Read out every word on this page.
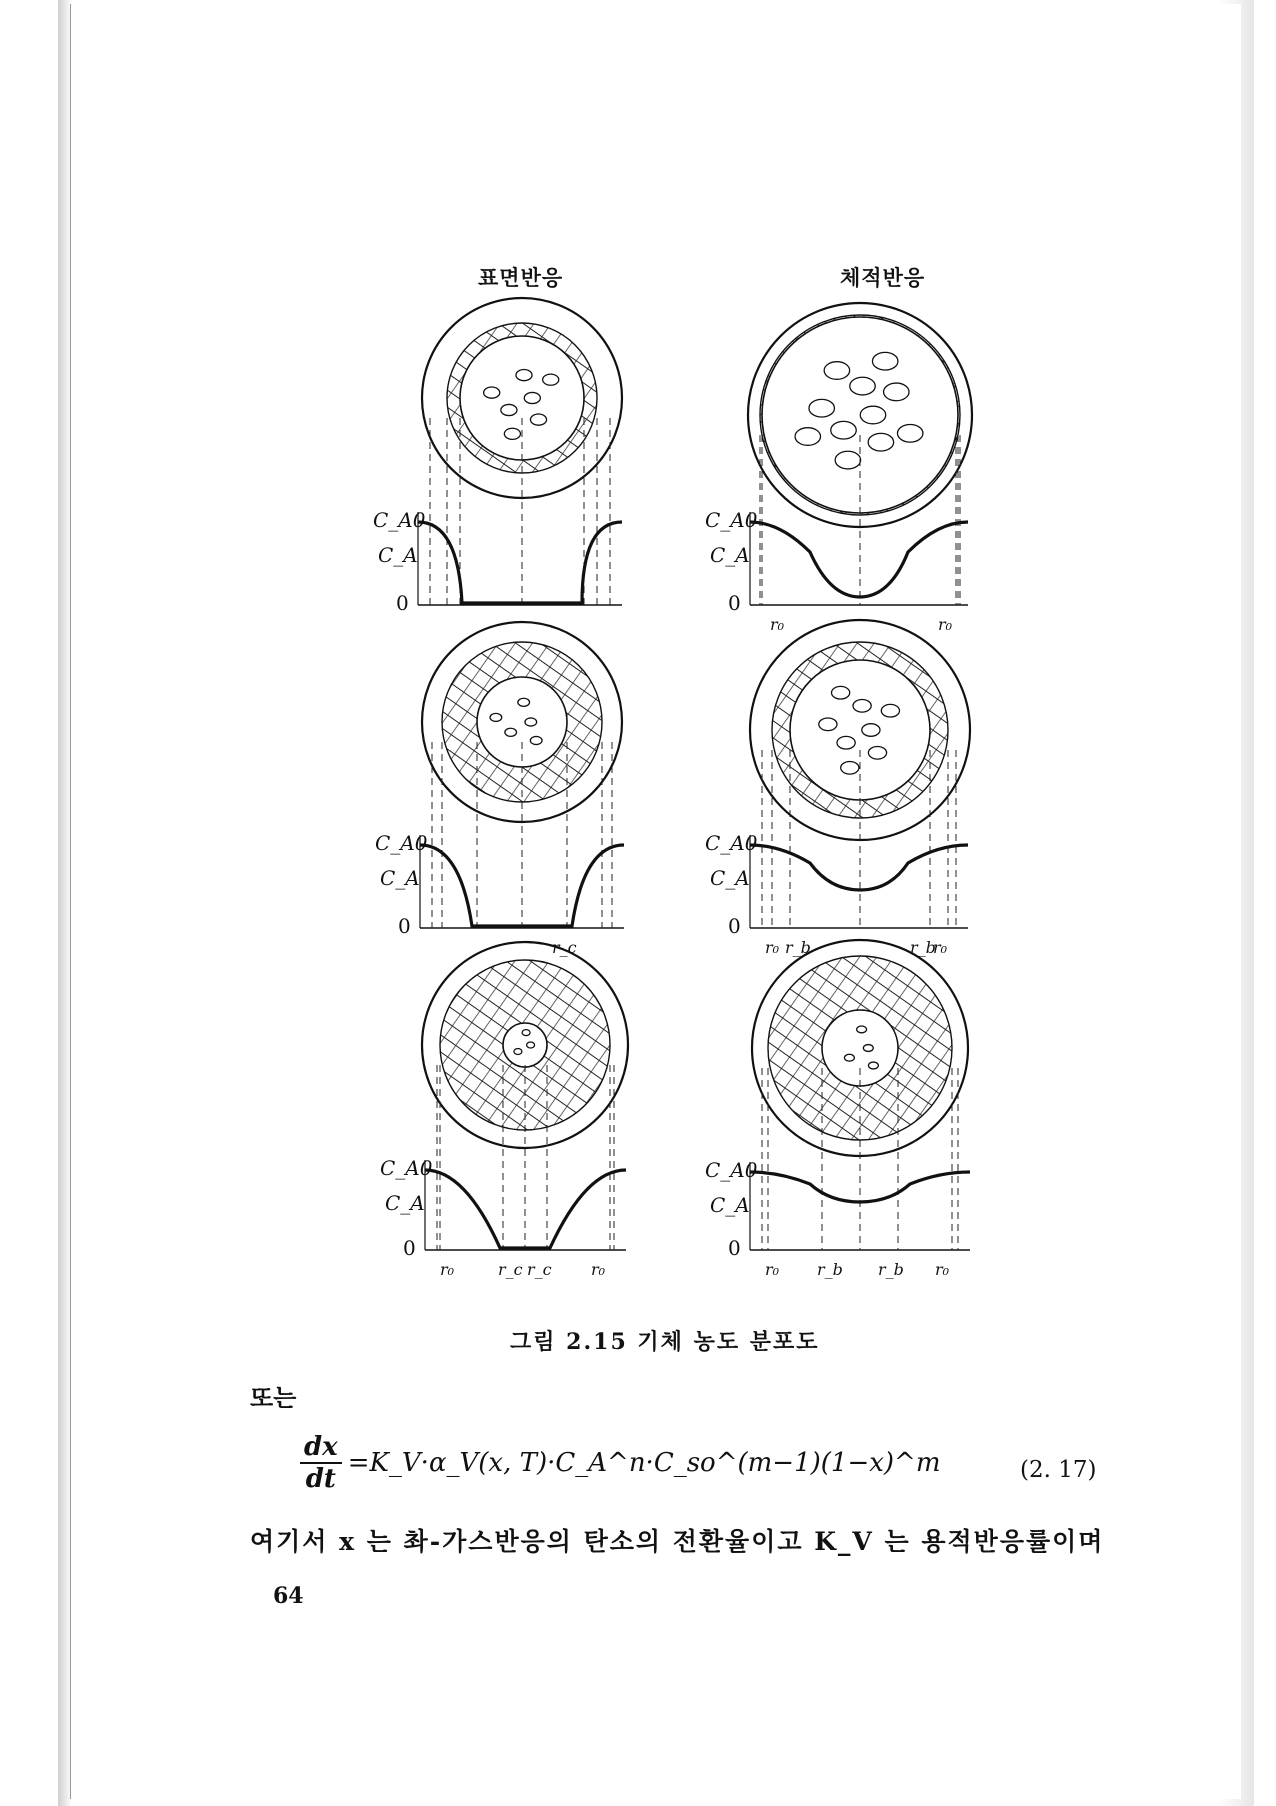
표면반응	체적반응
C_A0
C_A
0
C_A0
C_A
0
r₀	r₀
C_A0
C_A
0
r_c
C_A0
C_A
0
r₀ r_b	r_b
r₀
C_A0
C_A
0
r₀	r_c r_c r₀
C_A0
C_A
0
r₀ r_b r_b r₀
그림 2.15 기체 농도 분포도
또는
$\frac{dx}{dt}$ =K_V·α_V(x, T)·C_A^n·C_so^(m−1)(1−x)^m	(2. 17)
여기서 x 는 촤-가스반응의 탄소의 전환율이고 K_V 는 용적반응률이며
64
